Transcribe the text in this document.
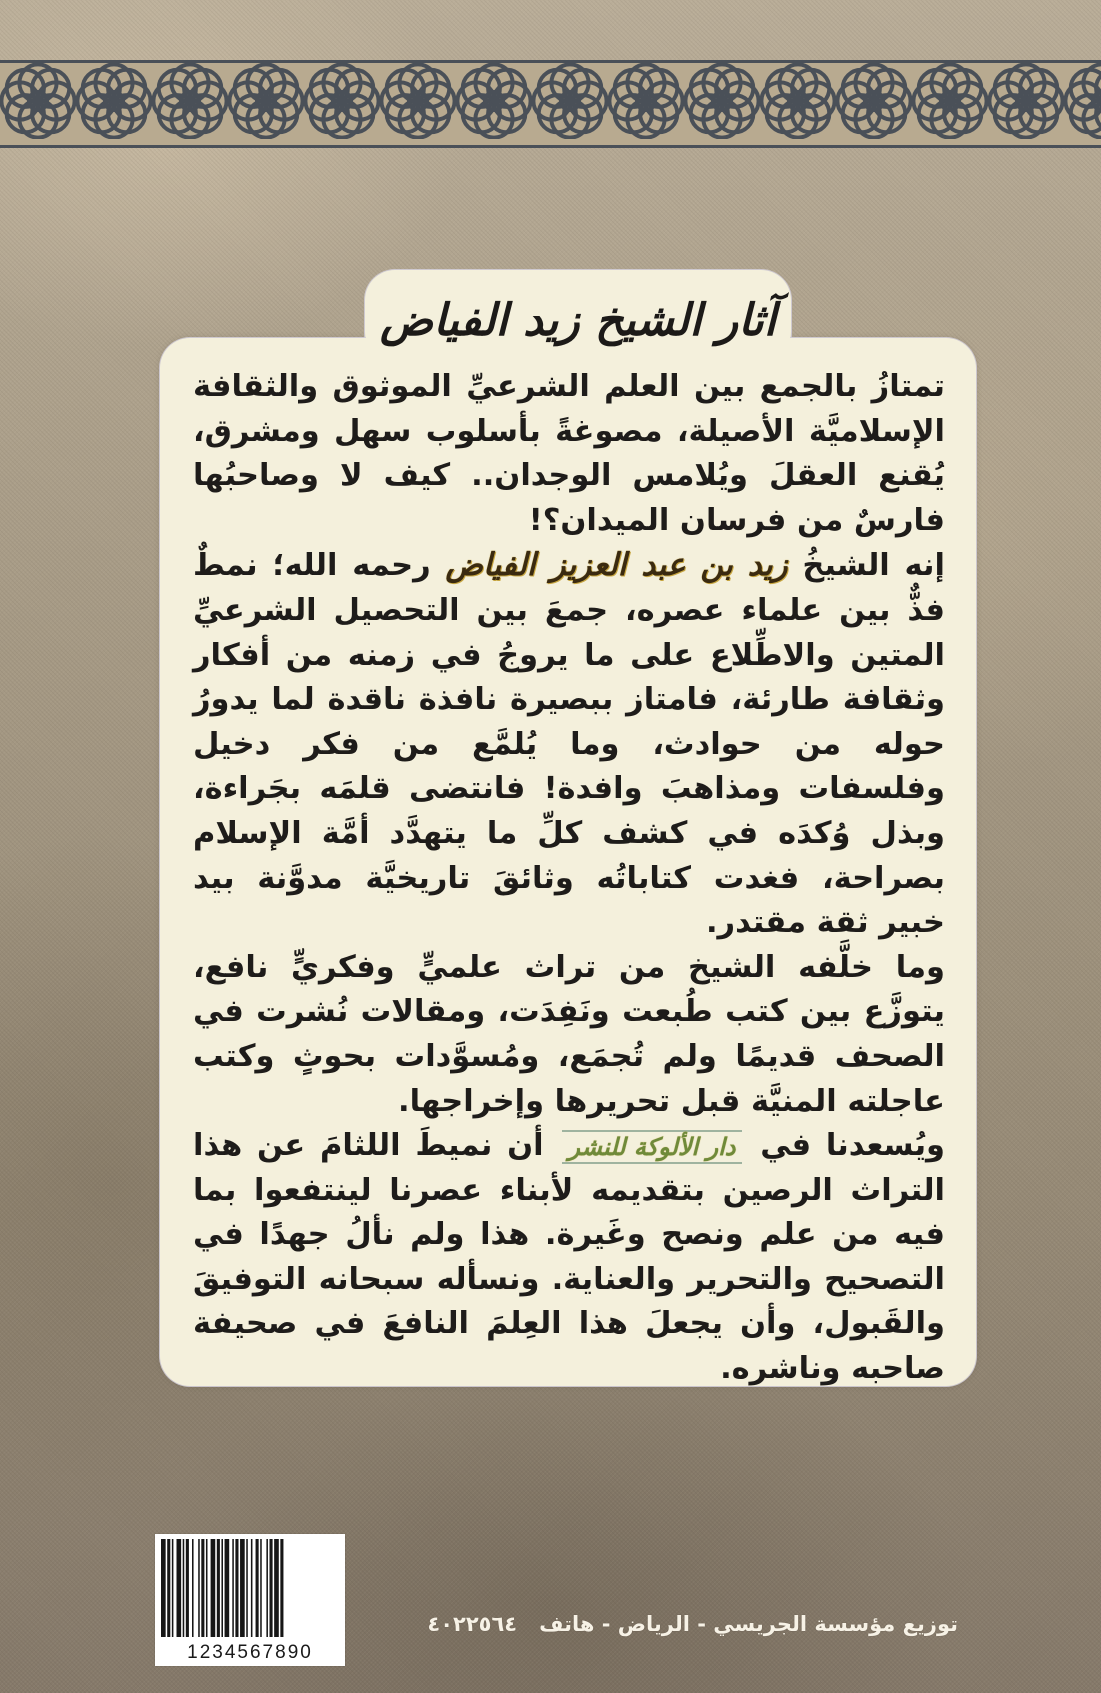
آثار الشيخ زيد الفياض

تمتازُ بالجمع بين العلم الشرعيِّ الموثوق والثقافة الإسلاميَّة الأصيلة، مصوغةً بأسلوب سهل ومشرق، يُقنع العقلَ ويُلامس الوجدان.. كيف لا وصاحبُها فارسٌ من فرسان الميدان؟!

إنه الشيخُ زيد بن عبد العزيز الفياض رحمه الله؛ نمطٌ فذٌّ بين علماء عصره، جمعَ بين التحصيل الشرعيِّ المتين والاطِّلاع على ما يروجُ في زمنه من أفكار وثقافة طارئة، فامتاز ببصيرة نافذة ناقدة لما يدورُ حوله من حوادث، وما يُلمَّع من فكر دخيل وفلسفات ومذاهبَ وافدة! فانتضى قلمَه بجَراءة، وبذل وُكدَه في كشف كلِّ ما يتهدَّد أمَّة الإسلام بصراحة، فغدت كتاباتُه وثائقَ تاريخيَّة مدوَّنة بيد خبير ثقة مقتدر.

وما خلَّفه الشيخ من تراث علميٍّ وفكريٍّ نافع، يتوزَّع بين كتب طُبعت ونَفِدَت، ومقالات نُشرت في الصحف قديمًا ولم تُجمَع، ومُسوَّدات بحوثٍ وكتب عاجلته المنيَّة قبل تحريرها وإخراجها.

ويُسعدنا في دار الألوكة للنشر أن نميطَ اللثامَ عن هذا التراث الرصين بتقديمه لأبناء عصرنا لينتفعوا بما فيه من علم ونصح وغَيرة. هذا ولم نألُ جهدًا في التصحيح والتحرير والعناية. ونسأله سبحانه التوفيقَ والقَبول، وأن يجعلَ هذا العِلمَ النافعَ في صحيفة صاحبه وناشره.

1234567890
توزيع مؤسسة الجريسي - الرياض - هاتف٤٠٢٢٥٦٤
